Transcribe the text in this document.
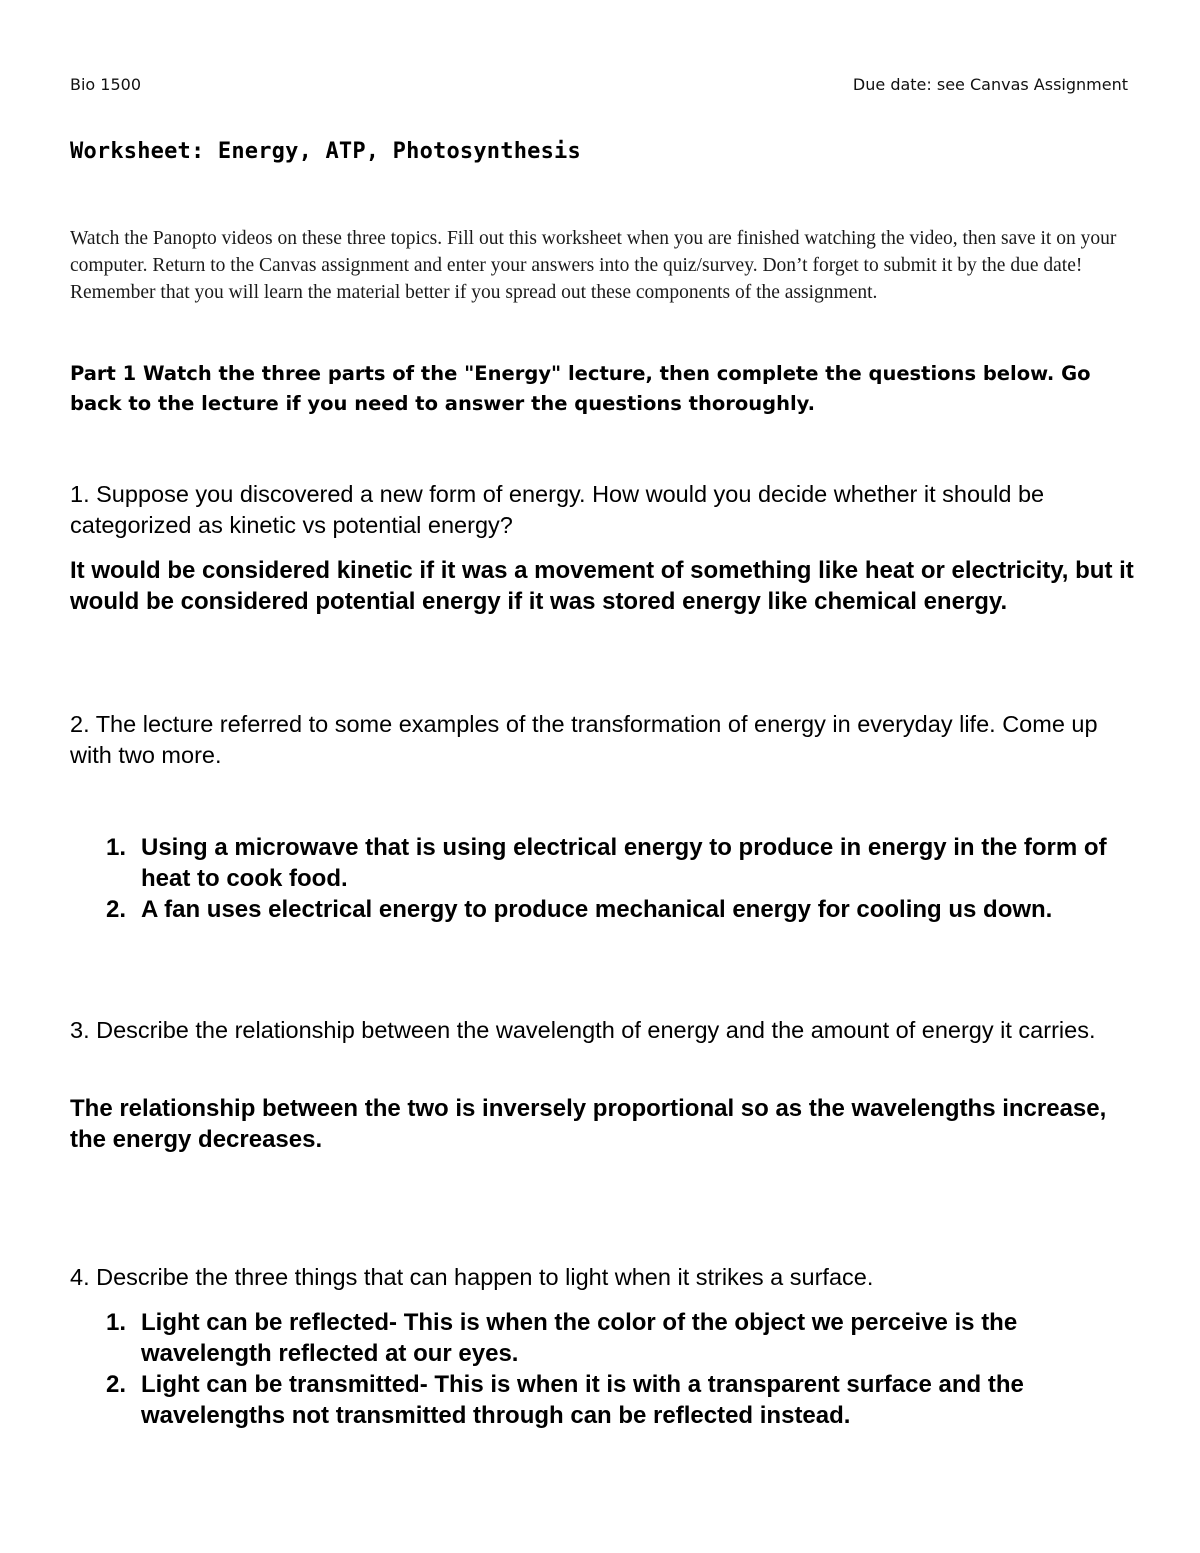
Bio 1500	Due date: see Canvas Assignment
Worksheet: Energy, ATP, Photosynthesis

Watch the Panopto videos on these three topics. Fill out this worksheet when you are finished watching the video, then save it on your computer. Return to the Canvas assignment and enter your answers into the quiz/survey. Don’t forget to submit it by the due date! Remember that you will learn the material better if you spread out these components of the assignment.

Part 1 Watch the three parts of the "Energy" lecture, then complete the questions below. Go back to the lecture if you need to answer the questions thoroughly.

1. Suppose you discovered a new form of energy. How would you decide whether it should be categorized as kinetic vs potential energy?

It would be considered kinetic if it was a movement of something like heat or electricity, but it would be considered potential energy if it was stored energy like chemical energy.

2. The lecture referred to some examples of the transformation of energy in everyday life. Come up with two more.

1. Using a microwave that is using electrical energy to produce in energy in the form of heat to cook food.
2. A fan uses electrical energy to produce mechanical energy for cooling us down.

3. Describe the relationship between the wavelength of energy and the amount of energy it carries.

The relationship between the two is inversely proportional so as the wavelengths increase, the energy decreases.

4. Describe the three things that can happen to light when it strikes a surface.

1. Light can be reflected- This is when the color of the object we perceive is the wavelength reflected at our eyes.
2. Light can be transmitted- This is when it is with a transparent surface and the wavelengths not transmitted through can be reflected instead.
